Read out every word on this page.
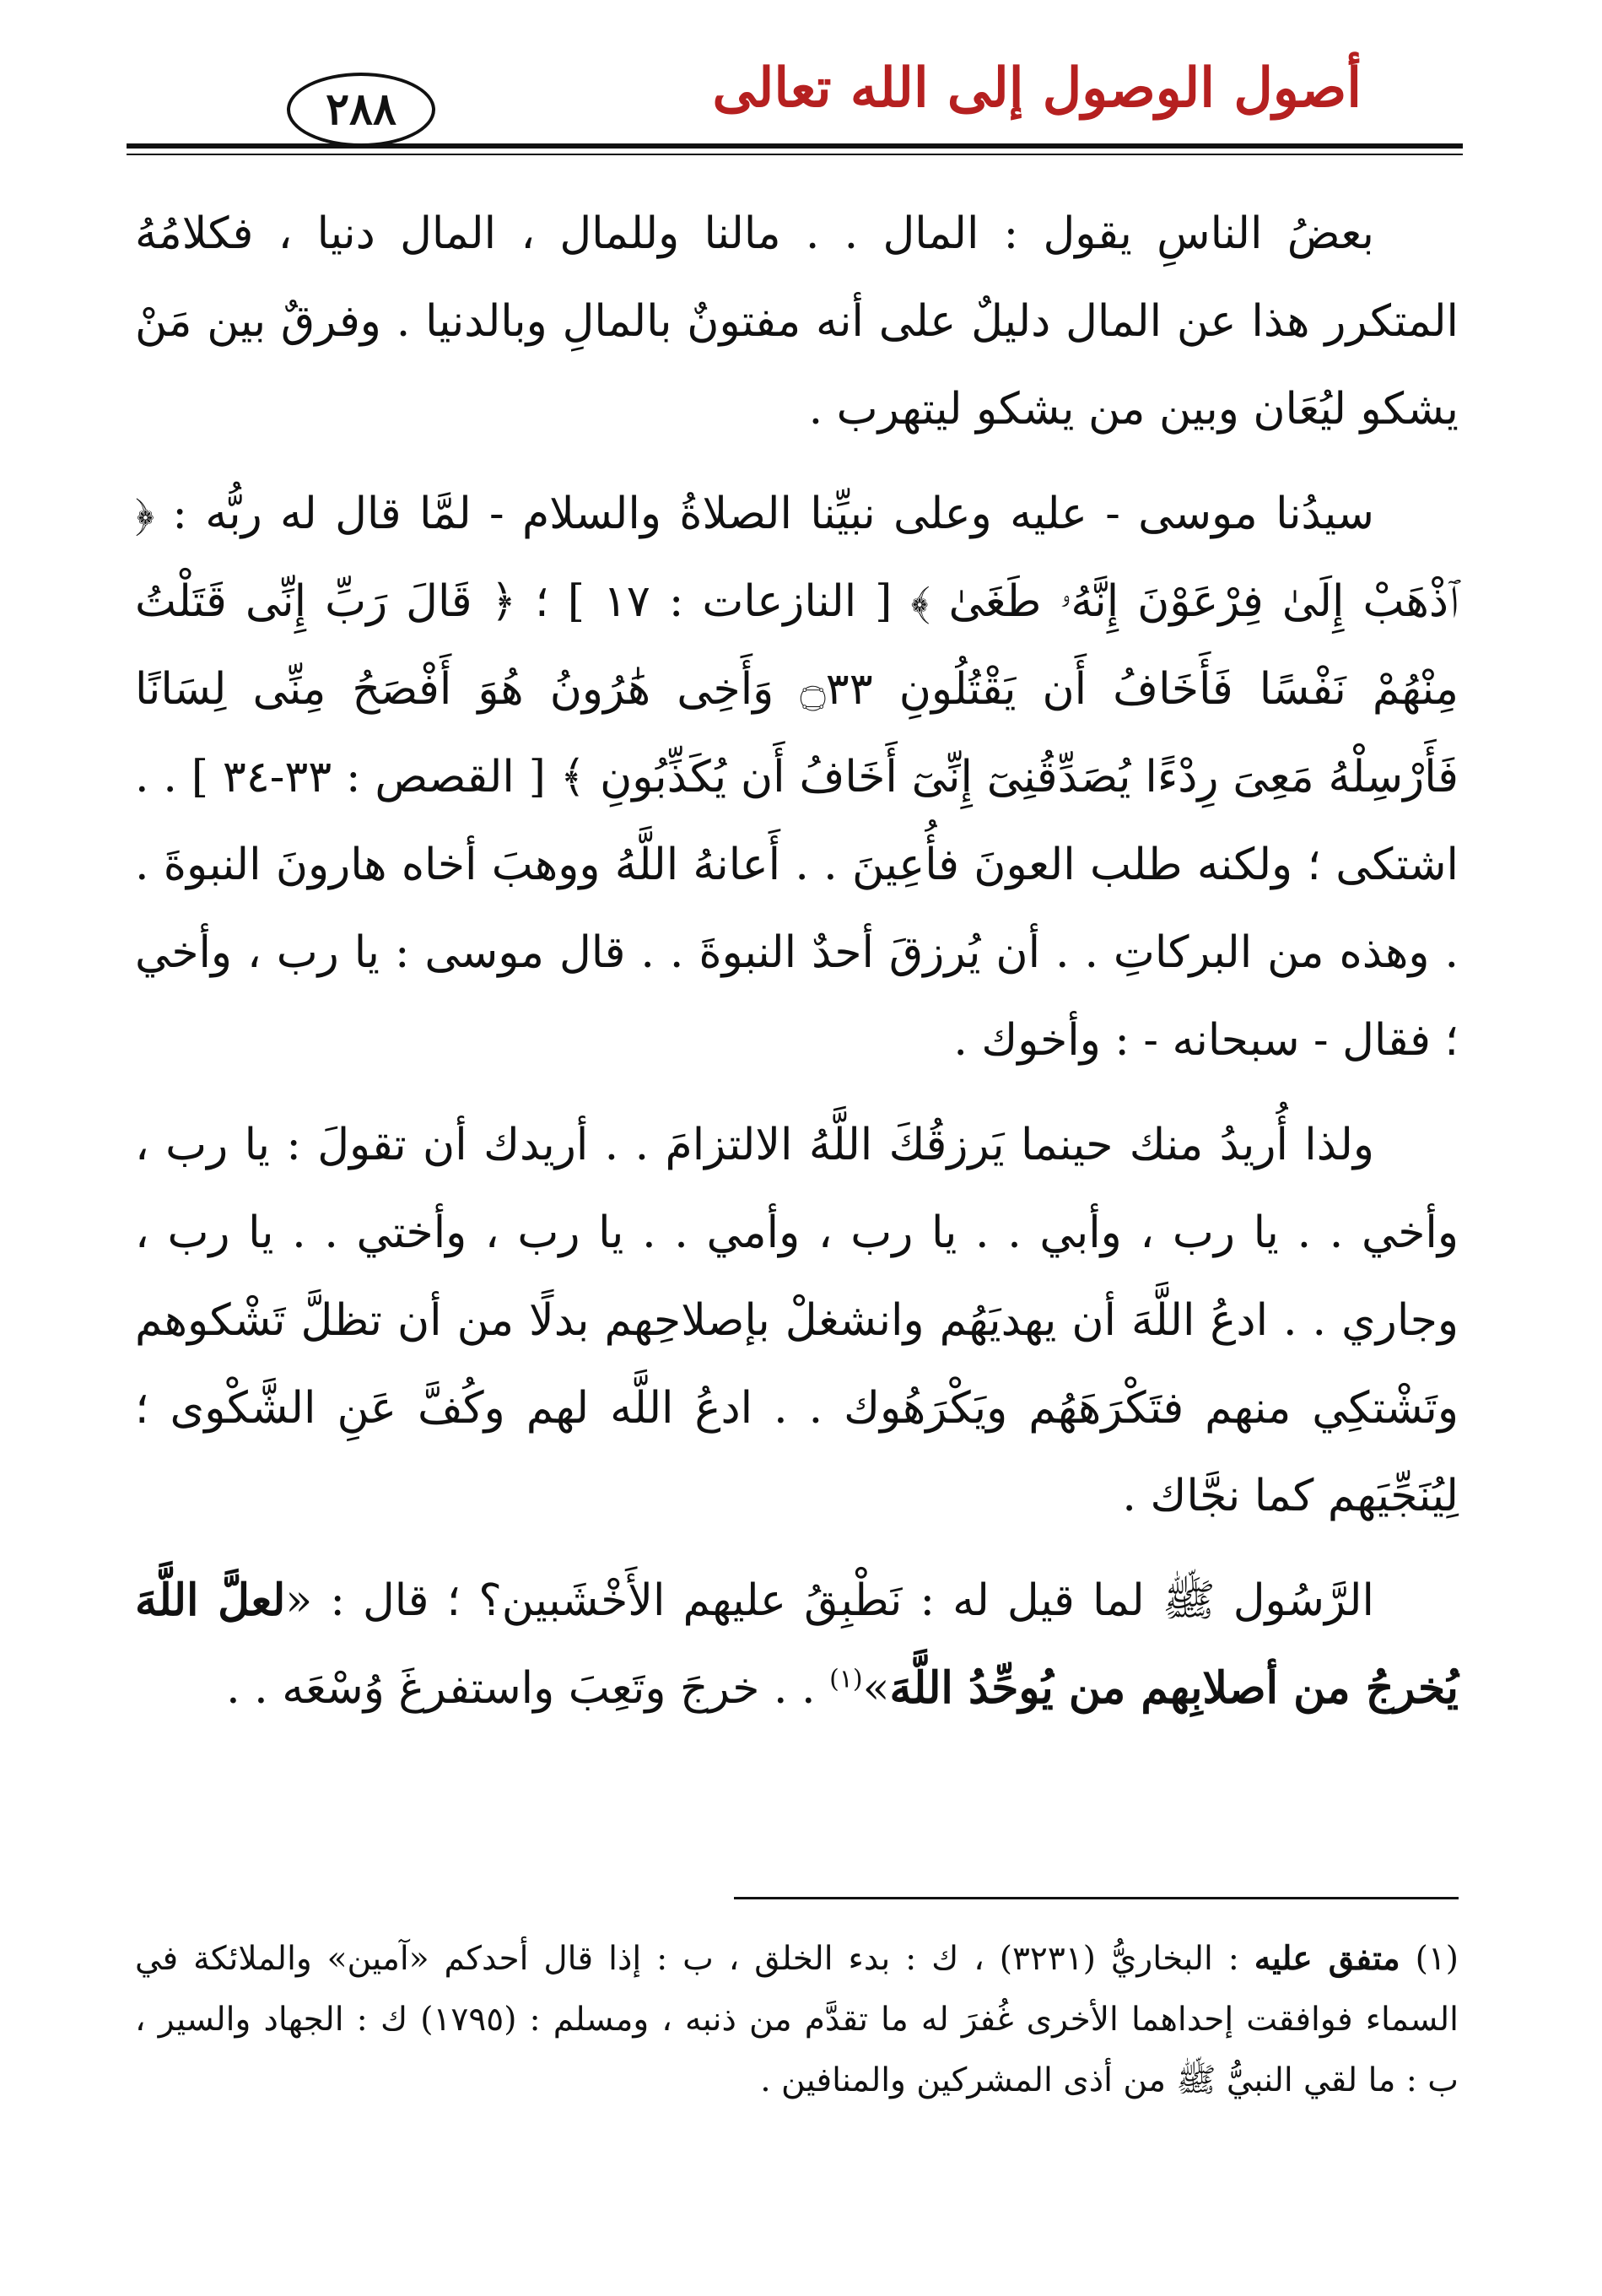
٢٨٨	أصول الوصول إلى الله تعالى

بعضُ الناسِ يقول : المال . . مالنا وللمال ، المال دنيا ، فكلامُهُ المتكرر هذا عن المال دليلٌ على أنه مفتونٌ بالمالِ وبالدنيا . وفرقٌ بين مَنْ يشكو ليُعَان وبين من يشكو ليتهرب .

سيدُنا موسى - عليه وعلى نبيِّنا الصلاةُ والسلام - لمَّا قال له ربُّه : ﴿ ٱذْهَبْ إِلَىٰ فِرْعَوْنَ إِنَّهُۥ طَغَىٰ ﴾ [ النازعات : ١٧ ] ؛ ﴿ قَالَ رَبِّ إِنِّى قَتَلْتُ مِنْهُمْ نَفْسًا فَأَخَافُ أَن يَقْتُلُونِ ۝٣٣ وَأَخِى هَٰرُونُ هُوَ أَفْصَحُ مِنِّى لِسَانًا فَأَرْسِلْهُ مَعِىَ رِدْءًا يُصَدِّقُنِىٓ إِنِّىٓ أَخَافُ أَن يُكَذِّبُونِ ﴾ [ القصص : ٣٣-٣٤ ] . . اشتكى ؛ ولكنه طلب العونَ فأُعِينَ . . أَعانهُ اللَّهُ ووهبَ أخاه هارونَ النبوةَ . . وهذه من البركاتِ . . أن يُرزقَ أحدٌ النبوةَ . . قال موسى : يا رب ، وأخي ؛ فقال - سبحانه - : وأخوك .

ولذا أُريدُ منك حينما يَرزقُكَ اللَّهُ الالتزامَ . . أريدك أن تقولَ : يا رب ، وأخي . . يا رب ، وأبي . . يا رب ، وأمي . . يا رب ، وأختي . . يا رب ، وجاري . . ادعُ اللَّهَ أن يهديَهُم وانشغلْ بإصلاحِهم بدلًا من أن تظلَّ تَشْكوهم وتَشْتكِي منهم فتَكْرَهَهُم ويَكْرَهُوك . . ادعُ اللَّه لهم وكُفَّ عَنِ الشَّكْوى ؛ لِيُنَجِّيَهم كما نجَّاك .

الرَّسُول ﷺ لما قيل له : نَطْبِقُ عليهم الأَخْشَبين؟ ؛ قال : «لعلَّ اللَّهَ يُخرجُ من أصلابِهم من يُوحِّدُ اللَّهَ»$^{(١)}$ . . خرجَ وتَعِبَ واستفرغَ وُسْعَه . .

(١) متفق عليه : البخاريُّ (٣٢٣١) ، ك : بدء الخلق ، ب : إذا قال أحدكم «آمين» والملائكة في السماء فوافقت إحداهما الأخرى غُفرَ له ما تقدَّم من ذنبه ، ومسلم : (١٧٩٥) ك : الجهاد والسير ، ب : ما لقي النبيُّ ﷺ من أذى المشركين والمنافين .
